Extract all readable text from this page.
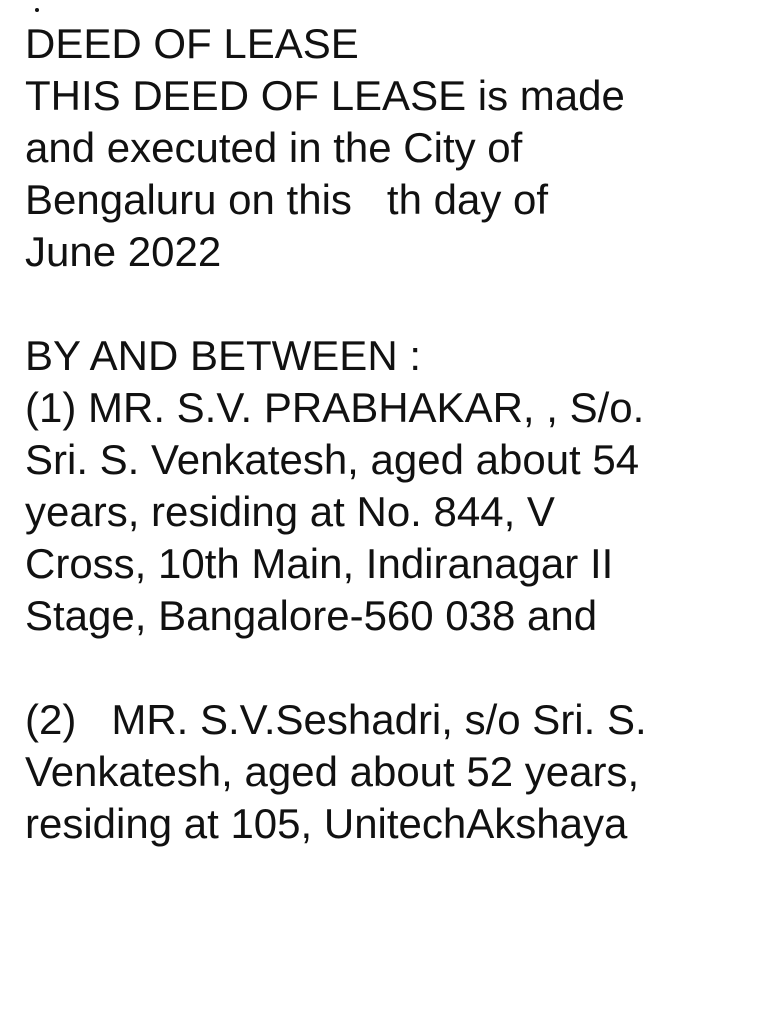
DEED OF LEASE
THIS DEED OF LEASE is made
and executed in the City of
Bengaluru on this   th day of
June 2022
BY AND BETWEEN :
(1) MR. S.V. PRABHAKAR, , S/o.
Sri. S. Venkatesh, aged about 54
years, residing at No. 844, V
Cross, 10th Main, Indiranagar II
Stage, Bangalore-560 038 and
(2)   MR. S.V.Seshadri, s/o Sri. S.
Venkatesh, aged about 52 years,
residing at 105, UnitechAkshaya
